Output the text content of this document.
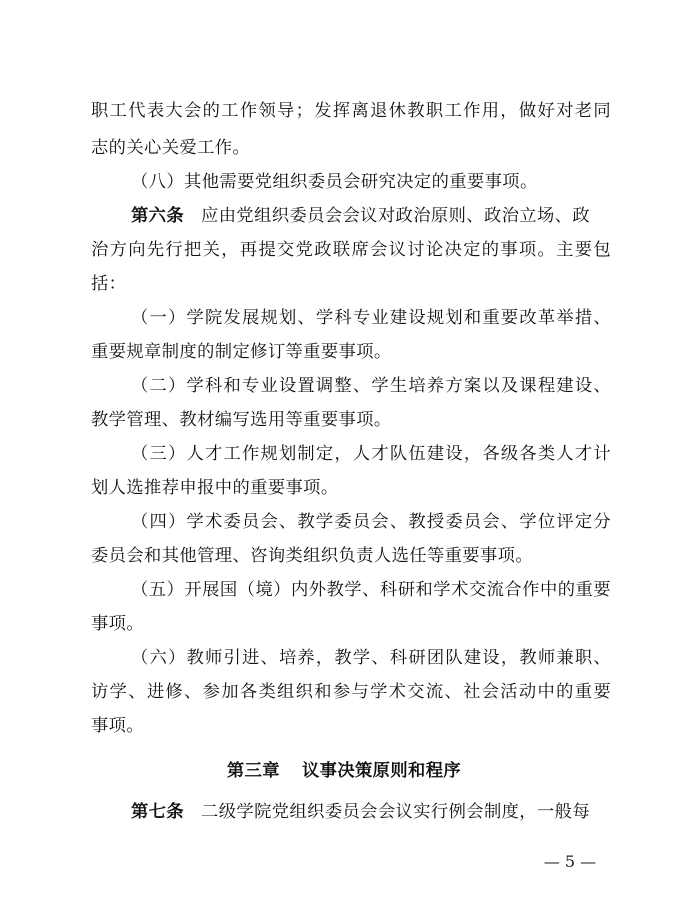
职工代表大会的工作领导；发挥离退休教职工作用，做好对老同
志的关心关爱工作。
（八）其他需要党组织委员会研究决定的重要事项。
第六条 应由党组织委员会会议对政治原则、政治立场、政
治方向先行把关，再提交党政联席会议讨论决定的事项。主要包
括：
（一）学院发展规划、学科专业建设规划和重要改革举措、
重要规章制度的制定修订等重要事项。
（二）学科和专业设置调整、学生培养方案以及课程建设、
教学管理、教材编写选用等重要事项。
（三）人才工作规划制定，人才队伍建设，各级各类人才计
划人选推荐申报中的重要事项。
（四）学术委员会、教学委员会、教授委员会、学位评定分
委员会和其他管理、咨询类组织负责人选任等重要事项。
（五）开展国（境）内外教学、科研和学术交流合作中的重要
事项。
（六）教师引进、培养，教学、科研团队建设，教师兼职、
访学、进修、参加各类组织和参与学术交流、社会活动中的重要
事项。
第三章 议事决策原则和程序
第七条 二级学院党组织委员会会议实行例会制度，一般每
— 5 —
